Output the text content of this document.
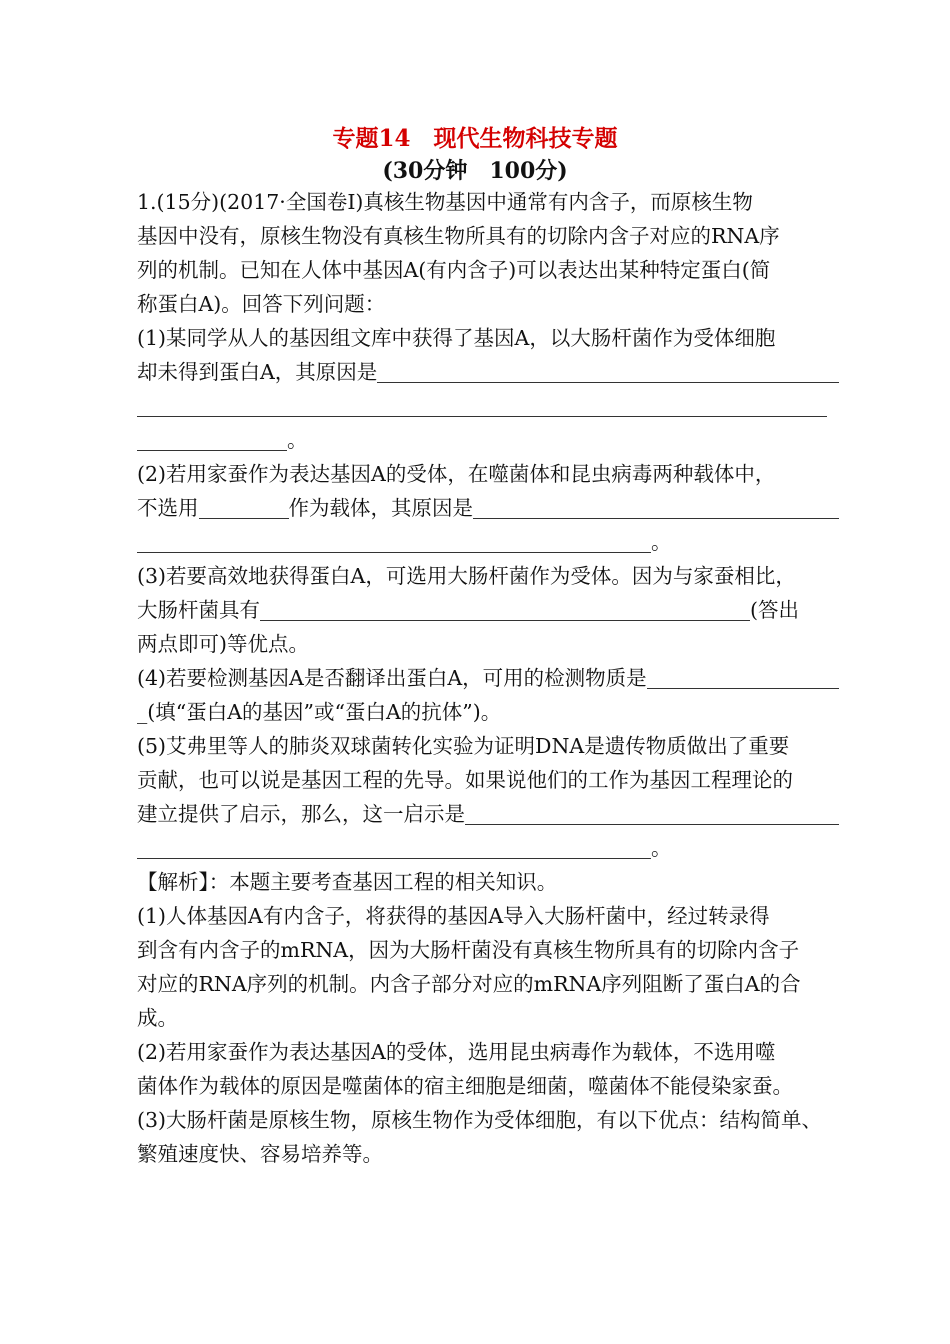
专题14　现代生物科技专题
(30分钟　100分)
1.(15分)(2017·全国卷Ⅰ)真核生物基因中通常有内含子，而原核生物
基因中没有，原核生物没有真核生物所具有的切除内含子对应的RNA序
列的机制。已知在人体中基因A(有内含子)可以表达出某种特定蛋白(简
称蛋白A)。回答下列问题：
(1)某同学从人的基因组文库中获得了基因A，以大肠杆菌作为受体细胞
却未得到蛋白A，其原因是
。
(2)若用家蚕作为表达基因A的受体，在噬菌体和昆虫病毒两种载体中，
不选用	作为载体，其原因是
。
(3)若要高效地获得蛋白A，可选用大肠杆菌作为受体。因为与家蚕相比，
大肠杆菌具有	(答出
两点即可)等优点。
(4)若要检测基因A是否翻译出蛋白A，可用的检测物质是
_(填“蛋白A的基因”或“蛋白A的抗体”)。
(5)艾弗里等人的肺炎双球菌转化实验为证明DNA是遗传物质做出了重要
贡献，也可以说是基因工程的先导。如果说他们的工作为基因工程理论的
建立提供了启示，那么，这一启示是
。
【解析】：本题主要考查基因工程的相关知识。
(1)人体基因A有内含子，将获得的基因A导入大肠杆菌中，经过转录得
到含有内含子的mRNA，因为大肠杆菌没有真核生物所具有的切除内含子
对应的RNA序列的机制。内含子部分对应的mRNA序列阻断了蛋白A的合
成。
(2)若用家蚕作为表达基因A的受体，选用昆虫病毒作为载体，不选用噬
菌体作为载体的原因是噬菌体的宿主细胞是细菌，噬菌体不能侵染家蚕。
(3)大肠杆菌是原核生物，原核生物作为受体细胞，有以下优点：结构简单、
繁殖速度快、容易培养等。
